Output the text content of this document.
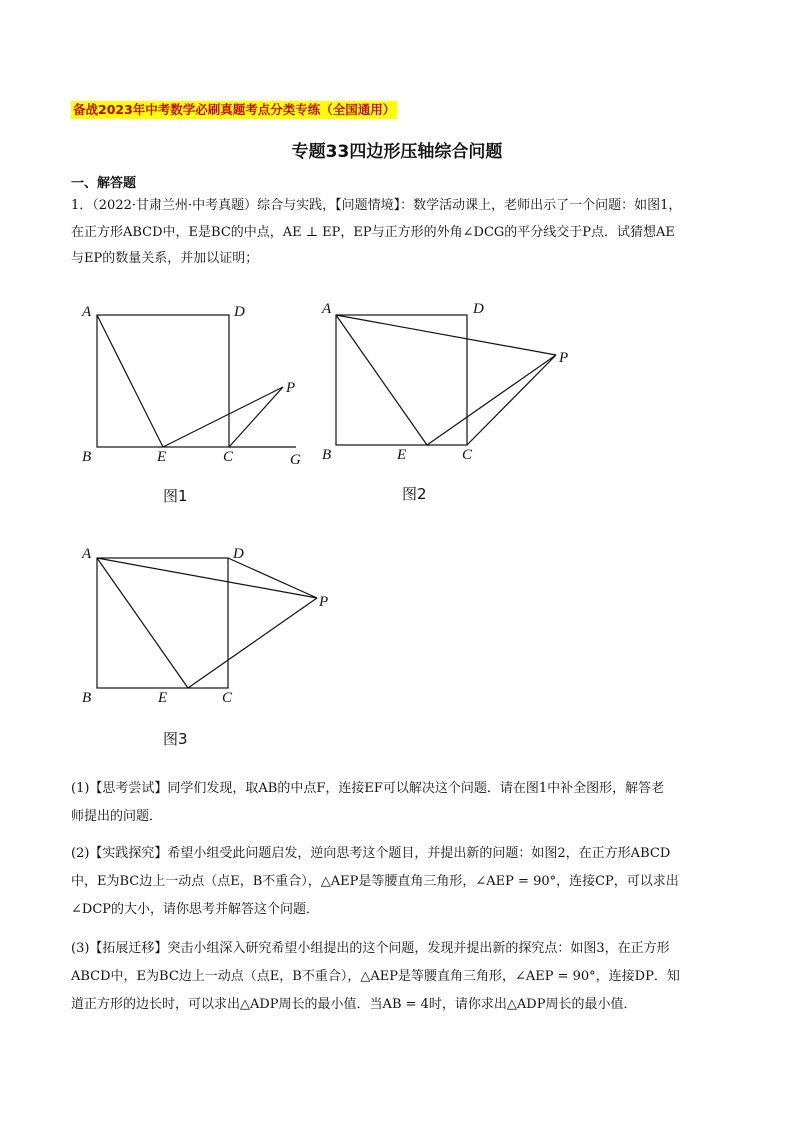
备战2023年中考数学必刷真题考点分类专练（全国通用）
专题33四边形压轴综合问题
一、解答题
1．（2022·甘肃兰州·中考真题）综合与实践，【问题情境】：数学活动课上，老师出示了一个问题：如图1，
在正方形ABCD中，E是BC的中点，AE ⊥ EP，EP与正方形的外角∠DCG的平分线交于P点．试猜想AE
与EP的数量关系，并加以证明；
A	D
P
B	E	C	G
A	D
P
B	E	C
A	D
P
B	E	C
图1	图2
图3
(1)【思考尝试】同学们发现，取AB的中点F，连接EF可以解决这个问题．请在图1中补全图形，解答老
师提出的问题．
(2)【实践探究】希望小组受此问题启发，逆向思考这个题目，并提出新的问题：如图2，在正方形ABCD
中，E为BC边上一动点（点E，B不重合），△AEP是等腰直角三角形，∠AEP = 90°，连接CP，可以求出
∠DCP的大小，请你思考并解答这个问题．
(3)【拓展迁移】突击小组深入研究希望小组提出的这个问题，发现并提出新的探究点：如图3，在正方形
ABCD中，E为BC边上一动点（点E，B不重合），△AEP是等腰直角三角形，∠AEP = 90°，连接DP．知
道正方形的边长时，可以求出△ADP周长的最小值．当AB = 4时，请你求出△ADP周长的最小值．
